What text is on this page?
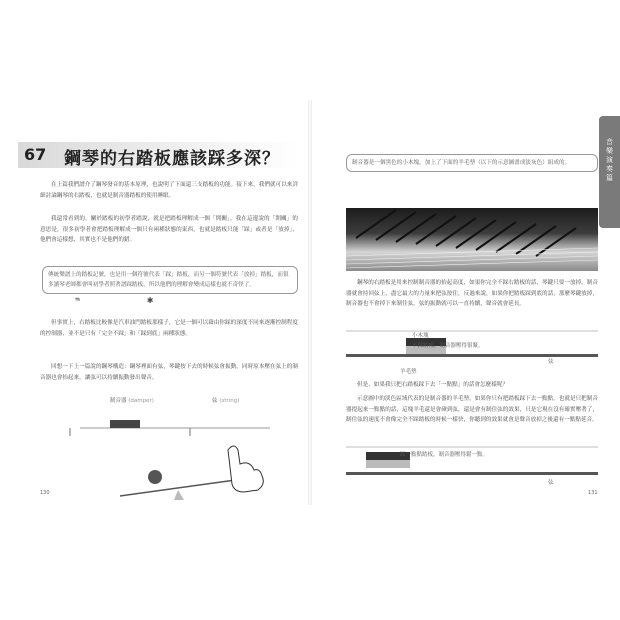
67 鋼琴的右踏板應該踩多深？
在上篇我們譜介了鋼琴發音的基本原理，也說明了下面還三支踏板的功能。接下來，我們就可以來詳細討論鋼琴的右踏板，也就是制音器踏板的使用睡眼。
我還常看到的，關於踏板的初學者踏說，就是把踏板理解成一個「開關」。我在這邊說的「開關」的意思是，很多初學者會把踏板理解成一個只有兩種狀態的東西，也就是踏板只能「踩」或者是「放掉」，他們會這樣想，其實也不是他們的錯。
傳統樂譜上的踏板記號，也是用一個符號代表「踩」踏板，而另一個符號代表「放掉」踏板，而很多讀琴老師都會叫初學者照著譜踩踏板，所以他們的理解會變成這樣也就不奇怪了。
𝆮	✱
但事實上，右踏板比較像是汽車油門踏板那樣子，它是一個可以藉由你踩的深度不同來逐漸控制程度的控制器，並不是只有「完全不踩」和「踩到底」兩種狀態。
回想一下上一篇說的鋼琴構造：鋼琴裡面有弦，琴鍵按下去的時候弦會振動，同時原本壓在弦上的制音器也會抬起來，讓弦可以持續振動發出聲音。
制音器 (damper)	弦 (string)
130
制音器是一個黑色的小木塊，加上了下面的羊毛墊（以下的示意圖畫成淡灰色）組成的。
鋼琴的右踏板是用來控制制音器的抬起高度，如果你完全不踩右踏板的話，琴鍵只要一放掉，制音器就會持回弦上，盡它最大的力量來把弦按住，反過來說，如果你把踏板踩到底的話，那麼琴鍵放掉，制音器也不會掉下來制住弦，弦的振動就可以一直持續，聲音就會延長。
小木塊
不踩踏板，制音器壓得很緊。
羊毛墊
弦
但是，如果我只把右踏板踩下去「一點點」的話會怎麼樣呢？
示意圖中的淡色區域代表的是制音器的羊毛墊，如果你只有把踏板踩下去一點點，也就是只把制音器提起來一點點的話，這塊羊毛還是會碰到弦，還是會有制住弦的效果，只是它現在沒有確實壓著了，制住弦的速度不會像完全不踩踏板的時候一樣快，你聽到的效果就會是聲音放掉之後還有一點點延音。
踩一點點踏板，制音器壓得鬆一點。
弦
131
音樂演奏篇
